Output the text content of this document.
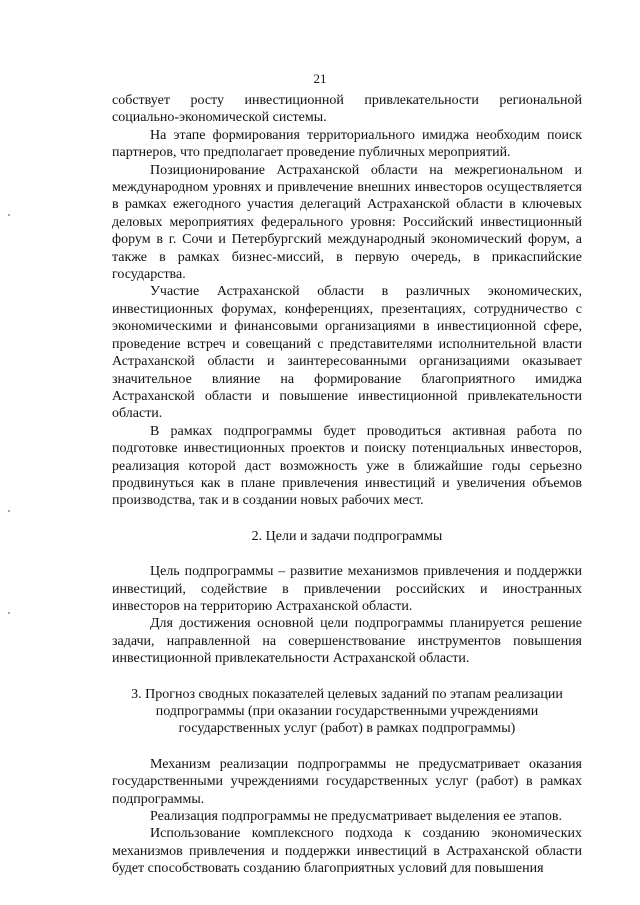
21

собствует росту инвестиционной привлекательности региональной социально-экономической системы.

На этапе формирования территориального имиджа необходим поиск партнеров, что предполагает проведение публичных мероприятий.

Позиционирование Астраханской области на межрегиональном и международном уровнях и привлечение внешних инвесторов осуществляется в рамках ежегодного участия делегаций Астраханской области в ключевых деловых мероприятиях федерального уровня: Российский инвестиционный форум в г. Сочи и Петербургский международный экономический форум, а также в рамках бизнес-миссий, в первую очередь, в прикаспийские государства.

Участие Астраханской области в различных экономических, инвестиционных форумах, конференциях, презентациях, сотрудничество с экономическими и финансовыми организациями в инвестиционной сфере, проведение встреч и совещаний с представителями исполнительной власти Астраханской области и заинтересованными организациями оказывает значительное влияние на формирование благоприятного имиджа Астраханской области и повышение инвестиционной привлекательности области.

В рамках подпрограммы будет проводиться активная работа по подготовке инвестиционных проектов и поиску потенциальных инвесторов, реализация которой даст возможность уже в ближайшие годы серьезно продвинуться как в плане привлечения инвестиций и увеличения объемов производства, так и в создании новых рабочих мест.

2. Цели и задачи подпрограммы

Цель подпрограммы – развитие механизмов привлечения и поддержки инвестиций, содействие в привлечении российских и иностранных инвесторов на территорию Астраханской области.

Для достижения основной цели подпрограммы планируется решение задачи, направленной на совершенствование инструментов повышения инвестиционной привлекательности Астраханской области.

3. Прогноз сводных показателей целевых заданий по этапам реализации подпрограммы (при оказании государственными учреждениями государственных услуг (работ) в рамках подпрограммы)

Механизм реализации подпрограммы не предусматривает оказания государственными учреждениями государственных услуг (работ) в рамках подпрограммы.

Реализация подпрограммы не предусматривает выделения ее этапов.

Использование комплексного подхода к созданию экономических механизмов привлечения и поддержки инвестиций в Астраханской области будет способствовать созданию благоприятных условий для повышения
